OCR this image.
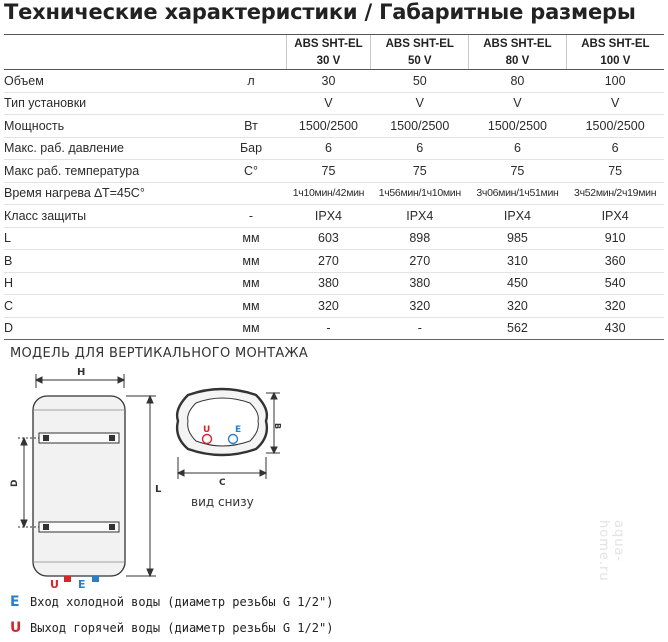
Технические характеристики / Габаритные размеры
		ABS SHT-EL	ABS SHT-EL	ABS SHT-EL	ABS SHT-EL
		30 V	50 V	80 V	100 V
Объем	л	30	50	80	100
Тип установки		V	V	V	V
Мощность	Вт	1500/2500	1500/2500	1500/2500	1500/2500
Макс. раб. давление	Бар	6	6	6	6
Макс раб. температура	С°	75	75	75	75
Время нагрева ∆T=45С°		1ч10мин/42мин	1ч56мин/1ч10мин	3ч06мин/1ч51мин	3ч52мин/2ч19мин
Класс защиты	-	IPX4	IPX4	IPX4	IPX4
L	мм	603	898	985	910
B	мм	270	270	310	360
H	мм	380	380	450	540
C	мм	320	320	320	320
D	мм	-	-	562	430
МОДЕЛЬ ДЛЯ ВЕРТИКАЛЬНОГО МОНТАЖА
H
D
L
U E
U	E	B
C
вид снизу
E Вход холодной воды (диаметр резьбы G 1/2")
U Выход горячей воды (диаметр резьбы G 1/2")
aqua-home.ru
